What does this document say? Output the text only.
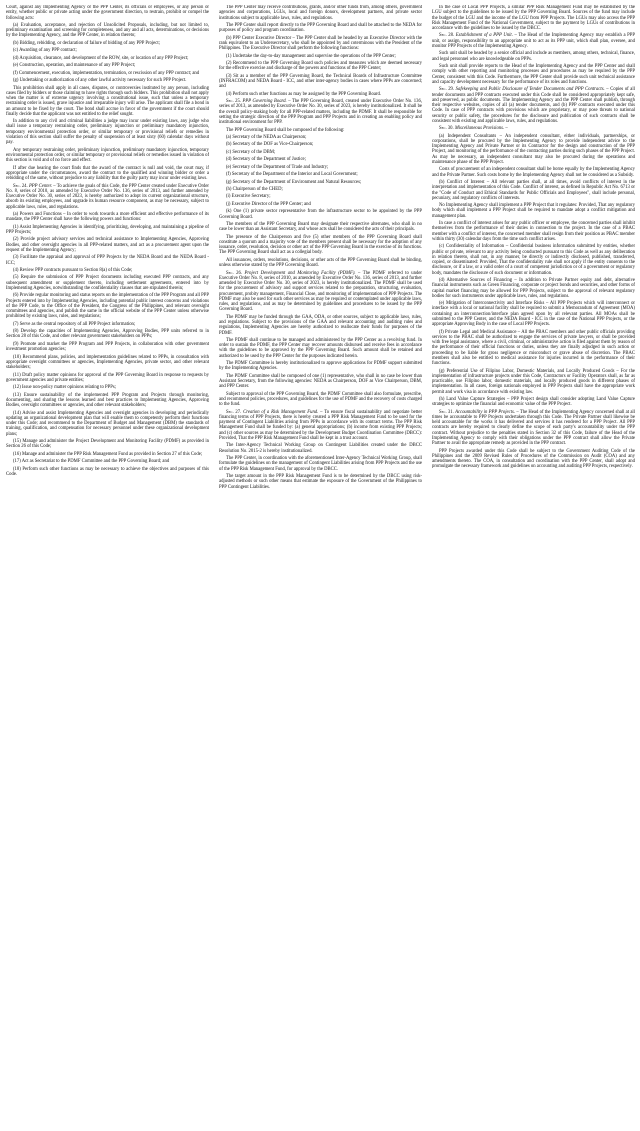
Court, against any Implementing Agency or the PPP Center, its officials or employees, or any person or entity, whether public or private acting under the government direction, to restrain, prohibit or compel the following acts:

(a) Evaluation, acceptance, and rejection of Unsolicited Proposals, including, but not limited to, preliminary examination and screening for completeness, and any and all acts, determinations, or decisions by the Implementing Agency, and the PPP Center, in relation thereto;

(b) Bidding, rebidding, or declaration of failure of bidding of any PPP Project;

(c) Awarding of any PPP contract;

(d) Acquisition, clearance, and development of the ROW, site, or location of any PPP Project;

(e) Construction, operation, and maintenance of any PPP Project;

(f) Commencement, execution, implementation, termination, or rescission of any PPP contract; and

(g) Undertaking or authorization of any other lawful activity necessary for such PPP Project.

This prohibition shall apply in all cases, disputes, or controversies instituted by any person, including cases filed by bidders or those claiming to have rights through such bidders. This prohibition shall not apply when the matter is of extreme urgency involving a constitutional issue, such that unless a temporary restraining order is issued, grave injustice and irreparable injury will arise. The applicant shall file a bond in an amount to be fixed by the court. The bond shall accrue in favor of the government if the court should finally decide that the applicant was not entitled to the relief sought.

In addition to any civil and criminal liabilities a judge may incur under existing laws, any judge who shall issue a temporary restraining order, preliminary injunction or preliminary mandatory injunction, temporary environmental protection order, or similar temporary or provisional reliefs or remedies in violation of this section shall suffer the penalty of suspension of at least sixty (60) calendar days without pay.

Any temporary restraining order, preliminary injunction, preliminary mandatory injunction, temporary environmental protection order, or similar temporary or provisional reliefs or remedies issued in violation of this section is void and of no force and effect.

If after due hearing the court finds that the award of the contract is null and void, the court may, if appropriate under the circumstances, award the contract to the qualified and winning bidder or order a rebidding of the same, without prejudice to any liability that the guilty party may incur under existing laws.

Sec. 24. PPP Center. – To achieve the goals of this Code, the PPP Center created under Executive Order No. 8, series of 2010, as amended by Executive Order No. 136, series of 2013, and further amended by Executive Order No. 30, series of 2023, is hereby authorized to adopt its current organizational structure, absorb its existing employees, and upgrade its human resource component, as may be necessary, subject to applicable laws, rules, and regulations.

(a) Powers and Functions – In order to work towards a more efficient and effective performance of its mandate, the PPP Center shall have the following powers and functions:

(1) Assist Implementing Agencies in identifying, prioritizing, developing, and maintaining a pipeline of PPP Projects;

(2) Provide project advisory services and technical assistance to Implementing Agencies, Approving Bodies, and other oversight agencies in all PPP-related matters, and act as a procurement agent upon the request of the Implementing Agency;

(3) Facilitate the appraisal and approval of PPP Projects by the NEDA Board and the NEDA Board - ICC;

(4) Review PPP contracts pursuant to Section 8(a) of this Code;

(5) Require the submission of PPP Project documents including executed PPP contracts, and any subsequent amendment or supplement thereto, including settlement agreements, entered into by Implementing Agencies, notwithstanding the confidentiality clauses that are stipulated therein;

(6) Provide regular monitoring and status reports on the implementation of the PPP Program and all PPP Projects entered into by Implementing Agencies, including potential public interest concerns and violations of the PPP Code, to the Office of the President, the Congress of the Philippines, and relevant oversight committees and agencies, and publish the same in the official website of the PPP Center unless otherwise prohibited by existing laws, rules, and regulations;

(7) Serve as the central repository of all PPP Project information;

(8) Develop the capacities of Implementing Agencies, Approving Bodies, PPP units referred to in Section 28 of this Code, and other relevant government stakeholders on PPPs;

(9) Promote and market the PPP Program and PPP Projects, in collaboration with other government investment promotion agencies;

(10) Recommend plans, policies, and implementation guidelines related to PPPs, in consultation with appropriate oversight committees or agencies, Implementing Agencies, private sector, and other relevant stakeholders;

(11) Draft policy matter opinions for approval of the PPP Governing Board in response to requests by government agencies and private entities;

(12) Issue non-policy matter opinions relating to PPPs;

(13) Ensure sustainability of the implemented PPP Program and Projects through monitoring, documenting, and sharing the lessons learned and best practices to Implementing Agencies, Approving Bodies, oversight committees or agencies, and other relevant stakeholders;

(14) Advise and assist Implementing Agencies and oversight agencies in developing and periodically updating an organizational development plan that will enable them to competently perform their functions under this Code; and recommend to the Department of Budget and Management (DBM) the standards of training, qualification, and compensation for necessary personnel under these organizational development plans;

(15) Manage and administer the Project Development and Monitoring Facility (PDMF) as provided in Section 26 of this Code;

(16) Manage and administer the PPP Risk Management Fund as provided in Section 27 of this Code;

(17) Act as Secretariat to the PDMF Committee and the PPP Governing Board; and

(18) Perform such other functions as may be necessary to achieve the objectives and purposes of this Code.

The PPP Center may receive contributions, grants, and/or other funds from, among others, government agencies and corporations, LGUs, local and foreign donors, development partners, and private sector institutions subject to applicable laws, rules, and regulations.

The PPP Center shall report directly to the PPP Governing Board and shall be attached to the NEDA for purposes of policy and program coordination.

(b) PPP Center Executive Director – The PPP Center shall be headed by an Executive Director with the rank equivalent to an Undersecretary, who shall be appointed by and coterminous with the President of the Philippines. The Executive Director shall perform the following functions:

(1) Undertake the day-to-day management and supervise the operations of the PPP Center;

(2) Recommend to the PPP Governing Board such policies and measures which are deemed necessary for the effective exercise and discharge of the powers and functions of the PPP Center;

(3) Sit as a member of the PPP Governing Board, the Technical Boards of Infrastructure Committee (INFRACOM) and NEDA Board - ICC, and other inter-agency bodies in cases where PPPs are concerned; and

(4) Perform such other functions as may be assigned by the PPP Governing Board.

Sec. 25. PPP Governing Board. – The PPP Governing Board, created under Executive Order No. 136, series of 2013, as amended by Executive Order No. 30, series of 2023, is hereby institutionalized. It shall be the overall policy-making body for all PPP-related matters, including the PDMF. It shall be responsible for setting the strategic direction of the PPP Program and PPP Projects and in creating an enabling policy and institutional environment for PPP.

The PPP Governing Board shall be composed of the following:

(a) Secretary of the NEDA as Chairperson;

(b) Secretary of the DOF as Vice-Chairperson;

(c) Secretary of the DBM;

(d) Secretary of the Department of Justice;

(e) Secretary of the Department of Trade and Industry;

(f) Secretary of the Department of the Interior and Local Government;

(g) Secretary of the Department of Environment and Natural Resources;

(h) Chairperson of the CHED;

(i) Executive Secretary;

(j) Executive Director of the PPP Center; and

(k) One (1) private sector representative from the infrastructure sector to be appointed by the PPP Governing Board.

The members of the PPP Governing Board may designate their respective alternates, who shall in no case be lower than an Assistant Secretary, and whose acts shall be considered the acts of their principals.

The presence of the Chairperson and five (5) other members of the PPP Governing Board shall constitute a quorum and a majority vote of the members present shall be necessary for the adoption of any issuance, order, resolution, decision or other act of the PPP Governing Board in the exercise of its functions. The PPP Governing Board shall act as a collegial body.

All issuances, orders, resolutions, decisions, or other acts of the PPP Governing Board shall be binding, unless otherwise stated by the PPP Governing Board.

Sec. 26. Project Development and Monitoring Facility (PDMF). – The PDMF referred to under Executive Order No. 8, series of 2010, as amended by Executive Order No. 136, series of 2013, and further amended by Executive Order No. 30, series of 2023, is hereby institutionalized. The PDMF shall be used for the procurement of advisory and support services related to the preparation, structuring, evaluation, procurement, probity management, Financial Close, and monitoring of implementation of PPP Projects. The PDMF may also be used for such other services as may be required or contemplated under applicable laws, rules, and regulations, and as may be determined by guidelines and procedures to be issued by the PPP Governing Board.

The PDMF may be funded through the GAA, ODA, or other sources, subject to applicable laws, rules, and regulations. Subject to the provisions of the GAA and relevant accounting and auditing rules and regulations, Implementing Agencies are hereby authorized to reallocate their funds for purposes of the PDMF.

The PDMF shall continue to be managed and administered by the PPP Center as a revolving fund. In order to sustain the PDMF, the PPP Center may recover amounts disbursed and receive fees in accordance with the guidelines to be approved by the PPP Governing Board. Such amount shall be retained and authorized to be used by the PPP Center for the purposes indicated herein.

The PDMF Committee is hereby institutionalized to approve applications for PDMF support submitted by the Implementing Agencies.

The PDMF Committee shall be composed of one (1) representative, who shall in no case be lower than Assistant Secretary, from the following agencies: NEDA as Chairperson, DOF as Vice Chairperson, DBM, and PPP Center.

Subject to approval of the PPP Governing Board, the PDMF Committee shall also formulate, prescribe, and recommend policies, procedures, and guidelines for the use of PDMF and the recovery of costs charged to the fund.

Sec. 27. Creation of a Risk Management Fund. – To ensure fiscal sustainability and negotiate better financing terms of PPP Projects, there is hereby created a PPP Risk Management Fund to be used for the payment of Contingent Liabilities arising from PPPs in accordance with its contract terms. The PPP Risk Management Fund shall be funded by: (a) general appropriations; (b) income from existing PPP Projects; and (c) other sources as may be determined by the Development Budget Coordination Committee (DBCC): Provided, That the PPP Risk Management Fund shall be kept in a trust account.

The Inter-Agency Technical Working Group on Contingent Liabilities created under the DBCC Resolution No. 2015-2 is hereby institutionalized.

The PPP Center, in coordination with the aforementioned Inter-Agency Technical Working Group, shall formulate the guidelines on the management of Contingent Liabilities arising from PPP Projects and the use of the PPP Risk Management Fund, for approval by the DBCC.

The target amount in the PPP Risk Management Fund is to be determined by the DBCC using risk-adjusted methods or such other means that estimate the exposure of the Government of the Philippines to PPP Contingent Liabilities.

In the case of Local PPP Projects, a similar PPP Risk Management Fund may be established by the LGU subject to the guidelines to be issued by the PPP Governing Board. Sources of the fund may include the budget of the LGU and the income of the LGU from PPP Projects. The LGUs may also access the PPP Risk Management Fund of the National Government, subject to the payment by LGUs of contributions in accordance with the guidelines to be issued by the DBCC.

Sec. 28. Establishment of a PPP Unit. – The Head of the Implementing Agency may establish a PPP unit, or assign, responsibility to an appropriate unit to act as its PPP unit, which shall plan, oversee, and monitor PPP Projects of the Implementing Agency.

Such unit shall be headed by a senior official and include as members, among others, technical, finance, and legal personnel who are knowledgeable on PPPs.

Such unit shall provide reports to the Head of the Implementing Agency and the PPP Center and shall comply with other reporting and monitoring processes and procedures as may be required by the PPP Center, consistent with this Code. Furthermore, the PPP Center shall provide such unit technical assistance and capacity development necessary for the performance of its roles and functions.

Sec. 29. Safekeeping and Public Disclosure of Tender Documents and PPP Contracts. – Copies of all tender documents and PPP contracts executed under this Code shall be considered appropriately kept safe, and preserved, as public documents. The Implementing Agency and the PPP Center shall publish, through their respective websites, copies of all (a) tender documents, and (b) PPP contracts executed under this Code. In case of PPP contracts with provisions which are proprietary, or may pose threats to national security or public safety, the procedures for the disclosure and publication of such contracts shall be consistent with existing and applicable laws, rules, and regulations.

Sec. 30. Miscellaneous Provisions. –

(a) Independent Consultants – An independent consultant, either individuals, partnerships, or corporations, shall be procured by the Implementing Agency to provide independent advice to the Implementing Agency and Private Partner or its Contractor for the design and construction of the PPP Project, and monitoring of the performance of the contracting parties during such phases of the PPP Project. As may be necessary, an independent consultant may also be procured during the operations and maintenance phase of the PPP Project.

Costs of procurement of an independent consultant shall be borne equally by the Implementing Agency and the Private Partner. Such costs borne by the Implementing Agency shall not be considered as a Subsidy.

(b) Conflict of Interest – All relevant parties shall, at all times, avoid conflicts of interest in the interpretation and implementation of this Code. Conflict of interest, as defined in Republic Act No. 6713 or the "Code of Conduct and Ethical Standards for Public Officials and Employees", shall include personal, pecuniary, and regulatory conflicts of interests.

No Implementing Agency shall implement a PPP Project that it regulates: Provided, That any regulatory body which shall implement a PPP Project shall be required to mandate adopt a conflict mitigation and management plan.

In case a conflict of interest arises for any public officer or employee, the concerned parties shall inhibit themselves from the performance of their duties in connection to the project. In the case of a PBAC member with a conflict of interest, the concerned member shall resign from their position as PBAC member within thirty (30) calendar days from the time such conflict arises.

(c) Confidentiality of Information – Confidential business information submitted by entities, whether public or private, relevant to any activity being conducted pursuant to this Code as well as any deliberation in relation thereto, shall not, in any manner, be directly or indirectly disclosed, published, transferred, copied, or disseminated: Provided, That the confidentiality rule shall not apply if the entity consents to the disclosure, or if a law, or a valid order of a court of competent jurisdiction or of a government or regulatory body, mandates the disclosure of such document or information.

(d) Alternative Sources of Financing – In addition to Private Partner equity and debt, alternative financial instruments such as Green Financing, corporate or project bonds and securities, and other forms of capital market financing may be allowed for PPP Projects, subject to the approval of relevant regulatory bodies for such instruments under applicable laws, rules, and regulations.

(e) Mitigation of Interconnectivity and Interface Risks – All PPP Projects which will interconnect or interface with a local or national facility shall be required to submit a Memorandum of Agreement (MOA) containing an interconnection/interface plan agreed upon by all relevant parties. All MOAs shall be submitted to the PPP Center, and the NEDA Board - ICC in the case of the National PPP Projects, or the appropriate Approving Body in the case of Local PPP Projects.

(f) Private Legal and Medical Assistance – All the PBAC members and other public officials providing services to the PBAC shall be authorized to engage the services of private lawyers, or shall be provided with free legal assistance, where a civil, criminal, or administrative action is filed against them by reason of the performance of their official functions or duties, unless they are finally adjudged in such action or proceeding to be liable for gross negligence or misconduct or grave abuse of discretion. The PBAC members shall also be entitled to medical assistance for injuries incurred in the performance of their functions.

(g) Preferential Use of Filipino Labor, Domestic Materials, and Locally Produced Goods – For the implementation of infrastructure projects under this Code, Contractors or Facility Operators shall, as far as practicable, use Filipino labor, domestic materials, and locally produced goods in different phases of implementation. In all cases, foreign nationals employed in PPP Projects shall have the appropriate work permit and work visa in accordance with existing law.

(h) Land Value Capture Strategies – PPP Project design shall consider adopting Land Value Capture strategies to optimize the financial and economic value of the PPP Project.

Sec. 31. Accountability in PPP Projects. – The Head of the Implementing Agency concerned shall at all times be accountable to PPP Projects undertaken through this Code. The Private Partner shall likewise be held accountable for the works it has delivered and services it has rendered for a PPP Project. All PPP contracts are hereby required to clearly define the scope of each party's accountability under the PPP contract. Without prejudice to the penalties stated in Section 32 of this Code, failure of the Head of the Implementing Agency to comply with their obligations under the PPP contract shall allow the Private Partner to avail the appropriate remedy as provided in the PPP contract.

PPP Projects awarded under this Code shall be subject to the Government Auditing Code of the Philippines and the 2009 Revised Rules of Procedures of the Commission on Audit (COA) and any amendments thereto. The COA, in consultation and coordination with the PPP Center, shall adopt and promulgate the necessary framework and guidelines on accounting and auditing PPP Projects, respectively.
